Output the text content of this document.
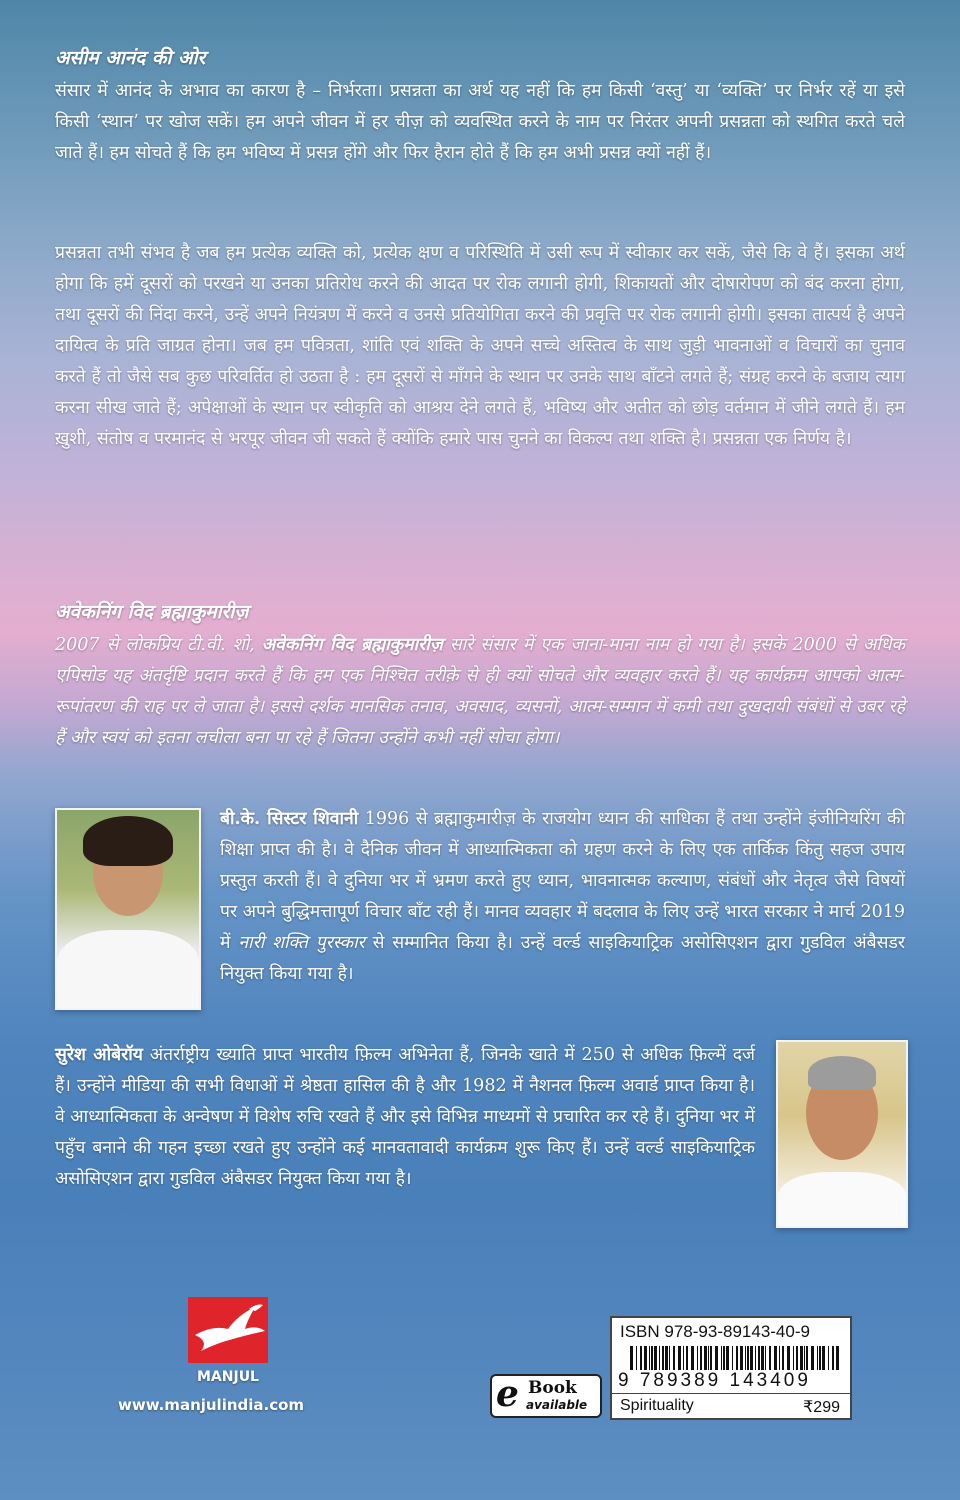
असीम आनंद की ओर

संसार में आनंद के अभाव का कारण है – निर्भरता। प्रसन्नता का अर्थ यह नहीं कि हम किसी ‘वस्तु’ या ‘व्यक्ति’ पर निर्भर रहें या इसे किसी ‘स्थान’ पर खोज सकें। हम अपने जीवन में हर चीज़ को व्यवस्थित करने के नाम पर निरंतर अपनी प्रसन्नता को स्थगित करते चले जाते हैं। हम सोचते हैं कि हम भविष्य में प्रसन्न होंगे और फिर हैरान होते हैं कि हम अभी प्रसन्न क्यों नहीं हैं।

प्रसन्नता तभी संभव है जब हम प्रत्येक व्यक्ति को, प्रत्येक क्षण व परिस्थिति में उसी रूप में स्वीकार कर सकें, जैसे कि वे हैं। इसका अर्थ होगा कि हमें दूसरों को परखने या उनका प्रतिरोध करने की आदत पर रोक लगानी होगी, शिकायतों और दोषारोपण को बंद करना होगा, तथा दूसरों की निंदा करने, उन्हें अपने नियंत्रण में करने व उनसे प्रतियोगिता करने की प्रवृत्ति पर रोक लगानी होगी। इसका तात्पर्य है अपने दायित्व के प्रति जाग्रत होना। जब हम पवित्रता, शांति एवं शक्ति के अपने सच्चे अस्तित्व के साथ जुड़ी भावनाओं व विचारों का चुनाव करते हैं तो जैसे सब कुछ परिवर्तित हो उठता है : हम दूसरों से माँगने के स्थान पर उनके साथ बाँटने लगते हैं; संग्रह करने के बजाय त्याग करना सीख जाते हैं; अपेक्षाओं के स्थान पर स्वीकृति को आश्रय देने लगते हैं, भविष्य और अतीत को छोड़ वर्तमान में जीने लगते हैं। हम ख़ुशी, संतोष व परमानंद से भरपूर जीवन जी सकते हैं क्योंकि हमारे पास चुनने का विकल्प तथा शक्ति है। प्रसन्नता एक निर्णय है।

अवेकनिंग विद ब्रह्माकुमारीज़

2007 से लोकप्रिय टी.वी. शो, अवेकनिंग विद ब्रह्माकुमारीज़ सारे संसार में एक जाना-माना नाम हो गया है। इसके 2000 से अधिक एपिसोड यह अंतर्दृष्टि प्रदान करते हैं कि हम एक निश्चित तरीक़े से ही क्यों सोचते और व्यवहार करते हैं। यह कार्यक्रम आपको आत्म-रूपांतरण की राह पर ले जाता है। इससे दर्शक मानसिक तनाव, अवसाद, व्यसनों, आत्म-सम्मान में कमी तथा दुखदायी संबंधों से उबर रहे हैं और स्वयं को इतना लचीला बना पा रहे हैं जितना उन्होंने कभी नहीं सोचा होगा।

बी.के. सिस्टर शिवानी 1996 से ब्रह्माकुमारीज़ के राजयोग ध्यान की साधिका हैं तथा उन्होंने इंजीनियरिंग की शिक्षा प्राप्त की है। वे दैनिक जीवन में आध्यात्मिकता को ग्रहण करने के लिए एक तार्किक किंतु सहज उपाय प्रस्तुत करती हैं। वे दुनिया भर में भ्रमण करते हुए ध्यान, भावनात्मक कल्याण, संबंधों और नेतृत्व जैसे विषयों पर अपने बुद्धिमत्तापूर्ण विचार बाँट रही हैं। मानव व्यवहार में बदलाव के लिए उन्हें भारत सरकार ने मार्च 2019 में नारी शक्ति पुरस्कार से सम्मानित किया है। उन्हें वर्ल्ड साइकियाट्रिक असोसिएशन द्वारा गुडविल अंबैसडर नियुक्त किया गया है।

सुरेश ओबेरॉय अंतर्राष्ट्रीय ख्याति प्राप्त भारतीय फ़िल्म अभिनेता हैं, जिनके खाते में 250 से अधिक फ़िल्में दर्ज हैं। उन्होंने मीडिया की सभी विधाओं में श्रेष्ठता हासिल की है और 1982 में नैशनल फ़िल्म अवार्ड प्राप्त किया है। वे आध्यात्मिकता के अन्वेषण में विशेष रुचि रखते हैं और इसे विभिन्न माध्यमों से प्रचारित कर रहे हैं। दुनिया भर में पहुँच बनाने की गहन इच्छा रखते हुए उन्होंने कई मानवतावादी कार्यक्रम शुरू किए हैं। उन्हें वर्ल्ड साइकियाट्रिक असोसिएशन द्वारा गुडविल अंबैसडर नियुक्त किया गया है।

MANJUL
www.manjulindia.com	e Book
available
ISBN 978-93-89143-40-9
9 789389 143409
Spirituality	₹299
